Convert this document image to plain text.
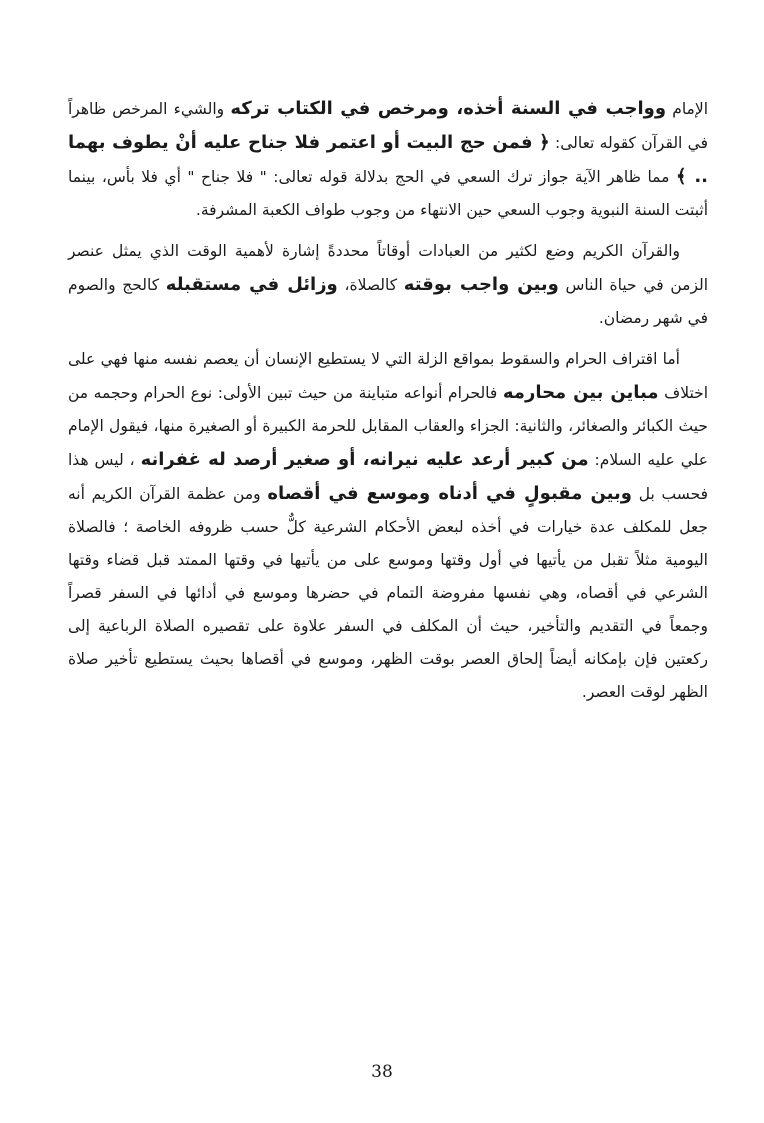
الإمام وواجب في السنة أخذه، ومرخص في الكتاب تركه والشيء المرخص ظاهراً في القرآن كقوله تعالى: ﴿ فمن حج البيت أو اعتمر فلا جناح عليه أنْ يطوف بهما .. ﴾ مما ظاهر الآية جواز ترك السعي في الحج بدلالة قوله تعالى: " فلا جناح " أي فلا بأس، بينما أثبتت السنة النبوية وجوب السعي حين الانتهاء من وجوب طواف الكعبة المشرفة.

والقرآن الكريم وضع لكثير من العبادات أوقاتاً محددةً إشارة لأهمية الوقت الذي يمثل عنصر الزمن في حياة الناس وبين واجب بوقته كالصلاة، وزائل في مستقبله كالحج والصوم في شهر رمضان.

أما اقتراف الحرام والسقوط بمواقع الزلة التي لا يستطيع الإنسان أن يعصم نفسه منها فهي على اختلاف مباين بين محارمه فالحرام أنواعه متباينة من حيث تبين الأولى: نوع الحرام وحجمه من حيث الكبائر والصغائر، والثانية: الجزاء والعقاب المقابل للحرمة الكبيرة أو الصغيرة منها، فيقول الإمام علي عليه السلام: من كبير أرعد عليه نيرانه، أو صغير أرصد له غفرانه ، ليس هذا فحسب بل وبين مقبولٍ في أدناه وموسع في أقصاه ومن عظمة القرآن الكريم أنه جعل للمكلف عدة خيارات في أخذه لبعض الأحكام الشرعية كلٌّ حسب ظروفه الخاصة ؛ فالصلاة اليومية مثلاً تقبل من يأتيها في أول وقتها وموسع على من يأتيها في وقتها الممتد قبل قضاء وقتها الشرعي في أقصاه، وهي نفسها مفروضة التمام في حضرها وموسع في أدائها في السفر قصراً وجمعاً في التقديم والتأخير، حيث أن المكلف في السفر علاوة على تقصيره الصلاة الرباعية إلى ركعتين فإن بإمكانه أيضاً إلحاق العصر بوقت الظهر، وموسع في أقصاها بحيث يستطيع تأخير صلاة الظهر لوقت العصر.

38
